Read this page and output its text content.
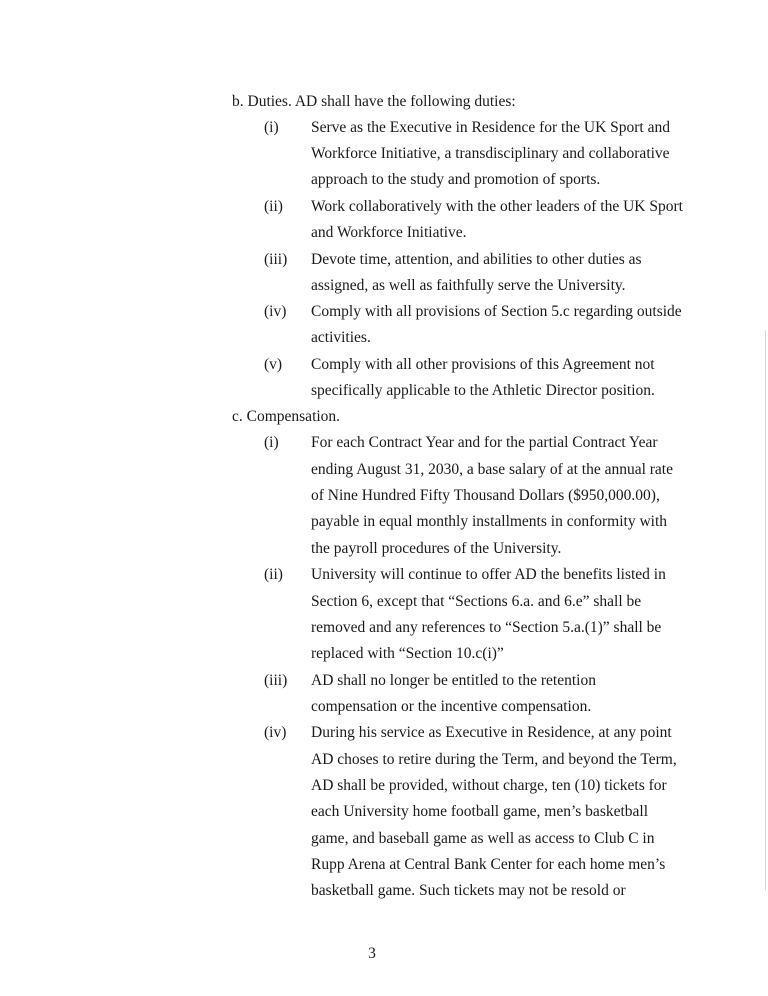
b. Duties. AD shall have the following duties:
(i) Serve as the Executive in Residence for the UK Sport and
Workforce Initiative, a transdisciplinary and collaborative
approach to the study and promotion of sports.
(ii) Work collaboratively with the other leaders of the UK Sport
and Workforce Initiative.
(iii) Devote time, attention, and abilities to other duties as
assigned, as well as faithfully serve the University.
(iv) Comply with all provisions of Section 5.c regarding outside
activities.
(v) Comply with all other provisions of this Agreement not
specifically applicable to the Athletic Director position.
c. Compensation.
(i) For each Contract Year and for the partial Contract Year
ending August 31, 2030, a base salary of at the annual rate
of Nine Hundred Fifty Thousand Dollars ($950,000.00),
payable in equal monthly installments in conformity with
the payroll procedures of the University.
(ii) University will continue to offer AD the benefits listed in
Section 6, except that “Sections 6.a. and 6.e” shall be
removed and any references to “Section 5.a.(1)” shall be
replaced with “Section 10.c(i)”
(iii) AD shall no longer be entitled to the retention
compensation or the incentive compensation.
(iv) During his service as Executive in Residence, at any point
AD choses to retire during the Term, and beyond the Term,
AD shall be provided, without charge, ten (10) tickets for
each University home football game, men’s basketball
game, and baseball game as well as access to Club C in
Rupp Arena at Central Bank Center for each home men’s
basketball game. Such tickets may not be resold or
3
